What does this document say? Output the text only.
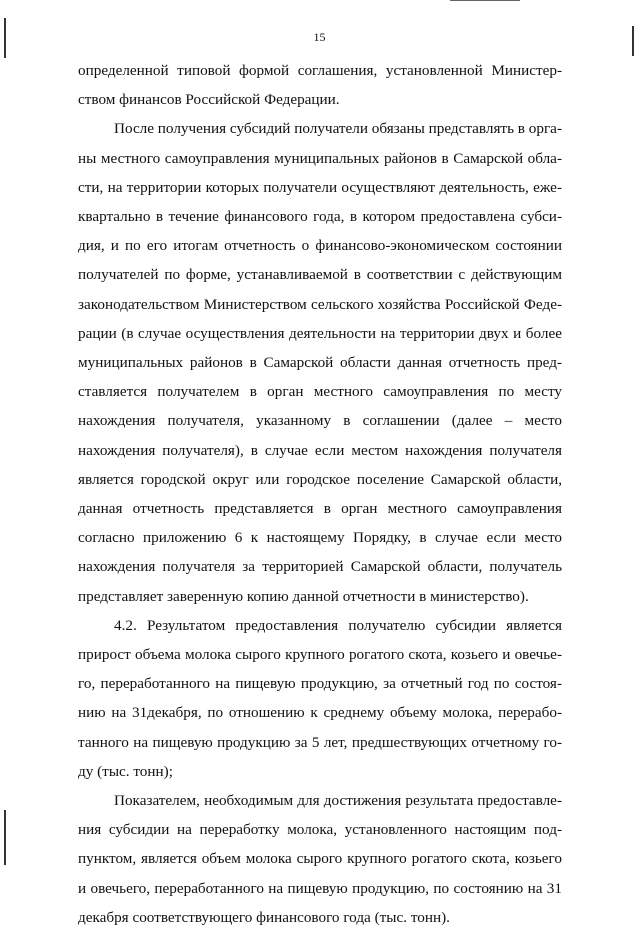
15

определенной типовой формой соглашения, установленной Министерством финансов Российской Федерации.

После получения субсидий получатели обязаны представлять в органы местного самоуправления муниципальных районов в Самарской области, на территории которых получатели осуществляют деятельность, ежеквартально в течение финансового года, в котором предоставлена субсидия, и по его итогам отчетность о финансово-экономическом состоянии получателей по форме, устанавливаемой в соответствии с действующим законодательством Министерством сельского хозяйства Российской Федерации (в случае осуществления деятельности на территории двух и более муниципальных районов в Самарской области данная отчетность представляется получателем в орган местного самоуправления по месту нахождения получателя, указанному в соглашении (далее – место нахождения получателя), в случае если местом нахождения получателя является городской округ или городское поселение Самарской области, данная отчетность представляется в орган местного самоуправления согласно приложению 6 к настоящему Порядку, в случае если место нахождения получателя за территорией Самарской области, получатель представляет заверенную копию данной отчетности в министерство).

4.2. Результатом предоставления получателю субсидии является прирост объема молока сырого крупного рогатого скота, козьего и овечьего, переработанного на пищевую продукцию, за отчетный год по состоянию на 31декабря, по отношению к среднему объему молока, переработанного на пищевую продукцию за 5 лет, предшествующих отчетному году (тыс. тонн);

Показателем, необходимым для достижения результата предоставления субсидии на переработку молока, установленного настоящим подпунктом, является объем молока сырого крупного рогатого скота, козьего и овечьего, переработанного на пищевую продукцию, по состоянию на 31 декабря соответствующего финансового года (тыс. тонн).
